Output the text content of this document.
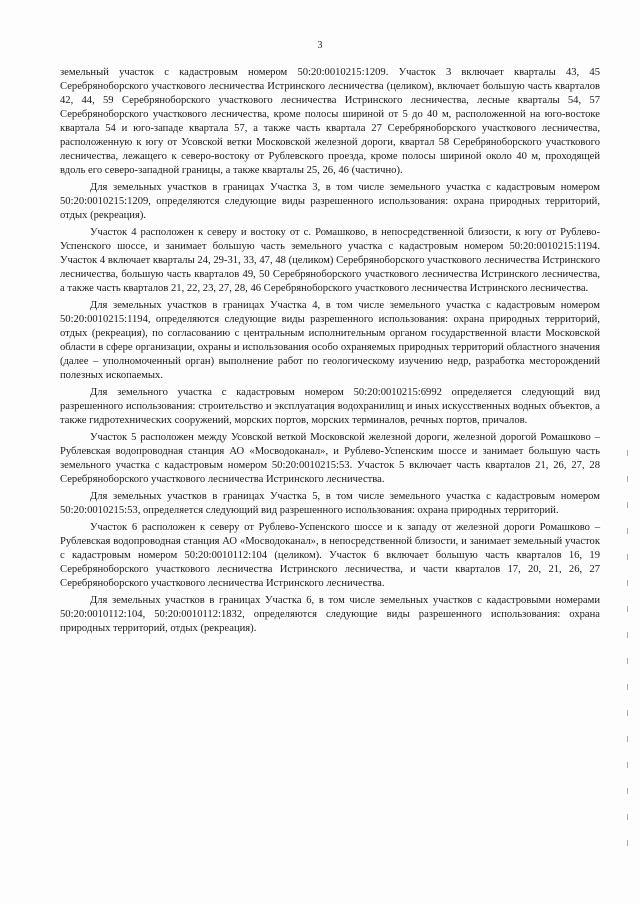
3

земельный участок с кадастровым номером 50:20:0010215:1209. Участок 3 включает кварталы 43, 45 Серебряноборского участкового лесничества Истринского лесничества (целиком), включает большую часть кварталов 42, 44, 59 Серебряноборского участкового лесничества Истринского лесничества, лесные кварталы 54, 57 Серебряноборского участкового лесничества, кроме полосы шириной от 5 до 40 м, расположенной на юго-востоке квартала 54 и юго-западе квартала 57, а также часть квартала 27 Серебряноборского участкового лесничества, расположенную к югу от Усовской ветки Московской железной дороги, квартал 58 Серебряноборского участкового лесничества, лежащего к северо-востоку от Рублевского проезда, кроме полосы шириной около 40 м, проходящей вдоль его северо-западной границы, а также кварталы 25, 26, 46 (частично).

Для земельных участков в границах Участка 3, в том числе земельного участка с кадастровым номером 50:20:0010215:1209, определяются следующие виды разрешенного использования: охрана природных территорий, отдых (рекреация).

Участок 4 расположен к северу и востоку от с. Ромашково, в непосредственной близости, к югу от Рублево-Успенского шоссе, и занимает большую часть земельного участка с кадастровым номером 50:20:0010215:1194. Участок 4 включает кварталы 24, 29-31, 33, 47, 48 (целиком) Серебряноборского участкового лесничества Истринского лесничества, большую часть кварталов 49, 50 Серебряноборского участкового лесничества Истринского лесничества, а также часть кварталов 21, 22, 23, 27, 28, 46 Серебряноборского участкового лесничества Истринского лесничества.

Для земельных участков в границах Участка 4, в том числе земельного участка с кадастровым номером 50:20:0010215:1194, определяются следующие виды разрешенного использования: охрана природных территорий, отдых (рекреация), по согласованию с центральным исполнительным органом государственной власти Московской области в сфере организации, охраны и использования особо охраняемых природных территорий областного значения (далее – уполномоченный орган) выполнение работ по геологическому изучению недр, разработка месторождений полезных ископаемых.

Для земельного участка с кадастровым номером 50:20:0010215:6992 определяется следующий вид разрешенного использования: строительство и эксплуатация водохранилищ и иных искусственных водных объектов, а также гидротехнических сооружений, морских портов, морских терминалов, речных портов, причалов.

Участок 5 расположен между Усовской веткой Московской железной дороги, железной дорогой Ромашково – Рублевская водопроводная станция АО «Мосводоканал», и Рублево-Успенским шоссе и занимает большую часть земельного участка с кадастровым номером 50:20:0010215:53. Участок 5 включает часть кварталов 21, 26, 27, 28 Серебряноборского участкового лесничества Истринского лесничества.

Для земельных участков в границах Участка 5, в том числе земельного участка с кадастровым номером 50:20:0010215:53, определяется следующий вид разрешенного использования: охрана природных территорий.

Участок 6 расположен к северу от Рублево-Успенского шоссе и к западу от железной дороги Ромашково – Рублевская водопроводная станция АО «Мосводоканал», в непосредственной близости, и занимает земельный участок с кадастровым номером 50:20:0010112:104 (целиком). Участок 6 включает большую часть кварталов 16, 19 Серебряноборского участкового лесничества Истринского лесничества, и части кварталов 17, 20, 21, 26, 27 Серебряноборского участкового лесничества Истринского лесничества.

Для земельных участков в границах Участка 6, в том числе земельных участков с кадастровыми номерами 50:20:0010112:104, 50:20:0010112:1832, определяются следующие виды разрешенного использования: охрана природных территорий, отдых (рекреация).
